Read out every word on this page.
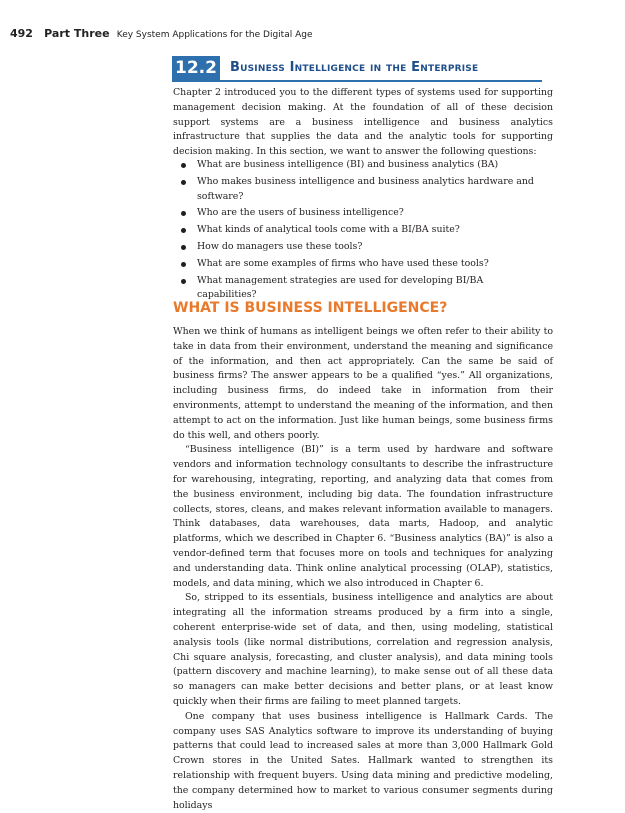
492 Part Three Key System Applications for the Digital Age
12.2 Business Intelligence in the Enterprise

Chapter 2 introduced you to the different types of systems used for supporting management decision making. At the foundation of all of these decision support systems are a business intelligence and business analytics infrastructure that supplies the data and the analytic tools for supporting decision making. In this section, we want to answer the following questions:

What are business intelligence (BI) and business analytics (BA)
Who makes business intelligence and business analytics hardware and software?
Who are the users of business intelligence?
What kinds of analytical tools come with a BI/BA suite?
How do managers use these tools?
What are some examples of firms who have used these tools?
What management strategies are used for developing BI/BA capabilities?
WHAT IS BUSINESS INTELLIGENCE?

When we think of humans as intelligent beings we often refer to their ability to take in data from their environment, understand the meaning and significance of the information, and then act appropriately. Can the same be said of business firms? The answer appears to be a qualified “yes.” All organizations, including business firms, do indeed take in information from their environments, attempt to understand the meaning of the information, and then attempt to act on the information. Just like human beings, some business firms do this well, and others poorly.

“Business intelligence (BI)” is a term used by hardware and software vendors and information technology consultants to describe the infrastructure for warehousing, integrating, reporting, and analyzing data that comes from the business environment, including big data. The foundation infrastructure collects, stores, cleans, and makes relevant information available to managers. Think databases, data warehouses, data marts, Hadoop, and analytic platforms, which we described in Chapter 6. “Business analytics (BA)” is also a vendor-defined term that focuses more on tools and techniques for analyzing and understanding data. Think online analytical processing (OLAP), statistics, models, and data mining, which we also introduced in Chapter 6.

So, stripped to its essentials, business intelligence and analytics are about integrating all the information streams produced by a firm into a single, coherent enterprise-wide set of data, and then, using modeling, statistical analysis tools (like normal distributions, correlation and regression analysis, Chi square analysis, forecasting, and cluster analysis), and data mining tools (pattern discovery and machine learning), to make sense out of all these data so managers can make better decisions and better plans, or at least know quickly when their firms are failing to meet planned targets.

One company that uses business intelligence is Hallmark Cards. The company uses SAS Analytics software to improve its understanding of buying patterns that could lead to increased sales at more than 3,000 Hallmark Gold Crown stores in the United Sates. Hallmark wanted to strengthen its relationship with frequent buyers. Using data mining and predictive modeling, the company determined how to market to various consumer segments during holidays
